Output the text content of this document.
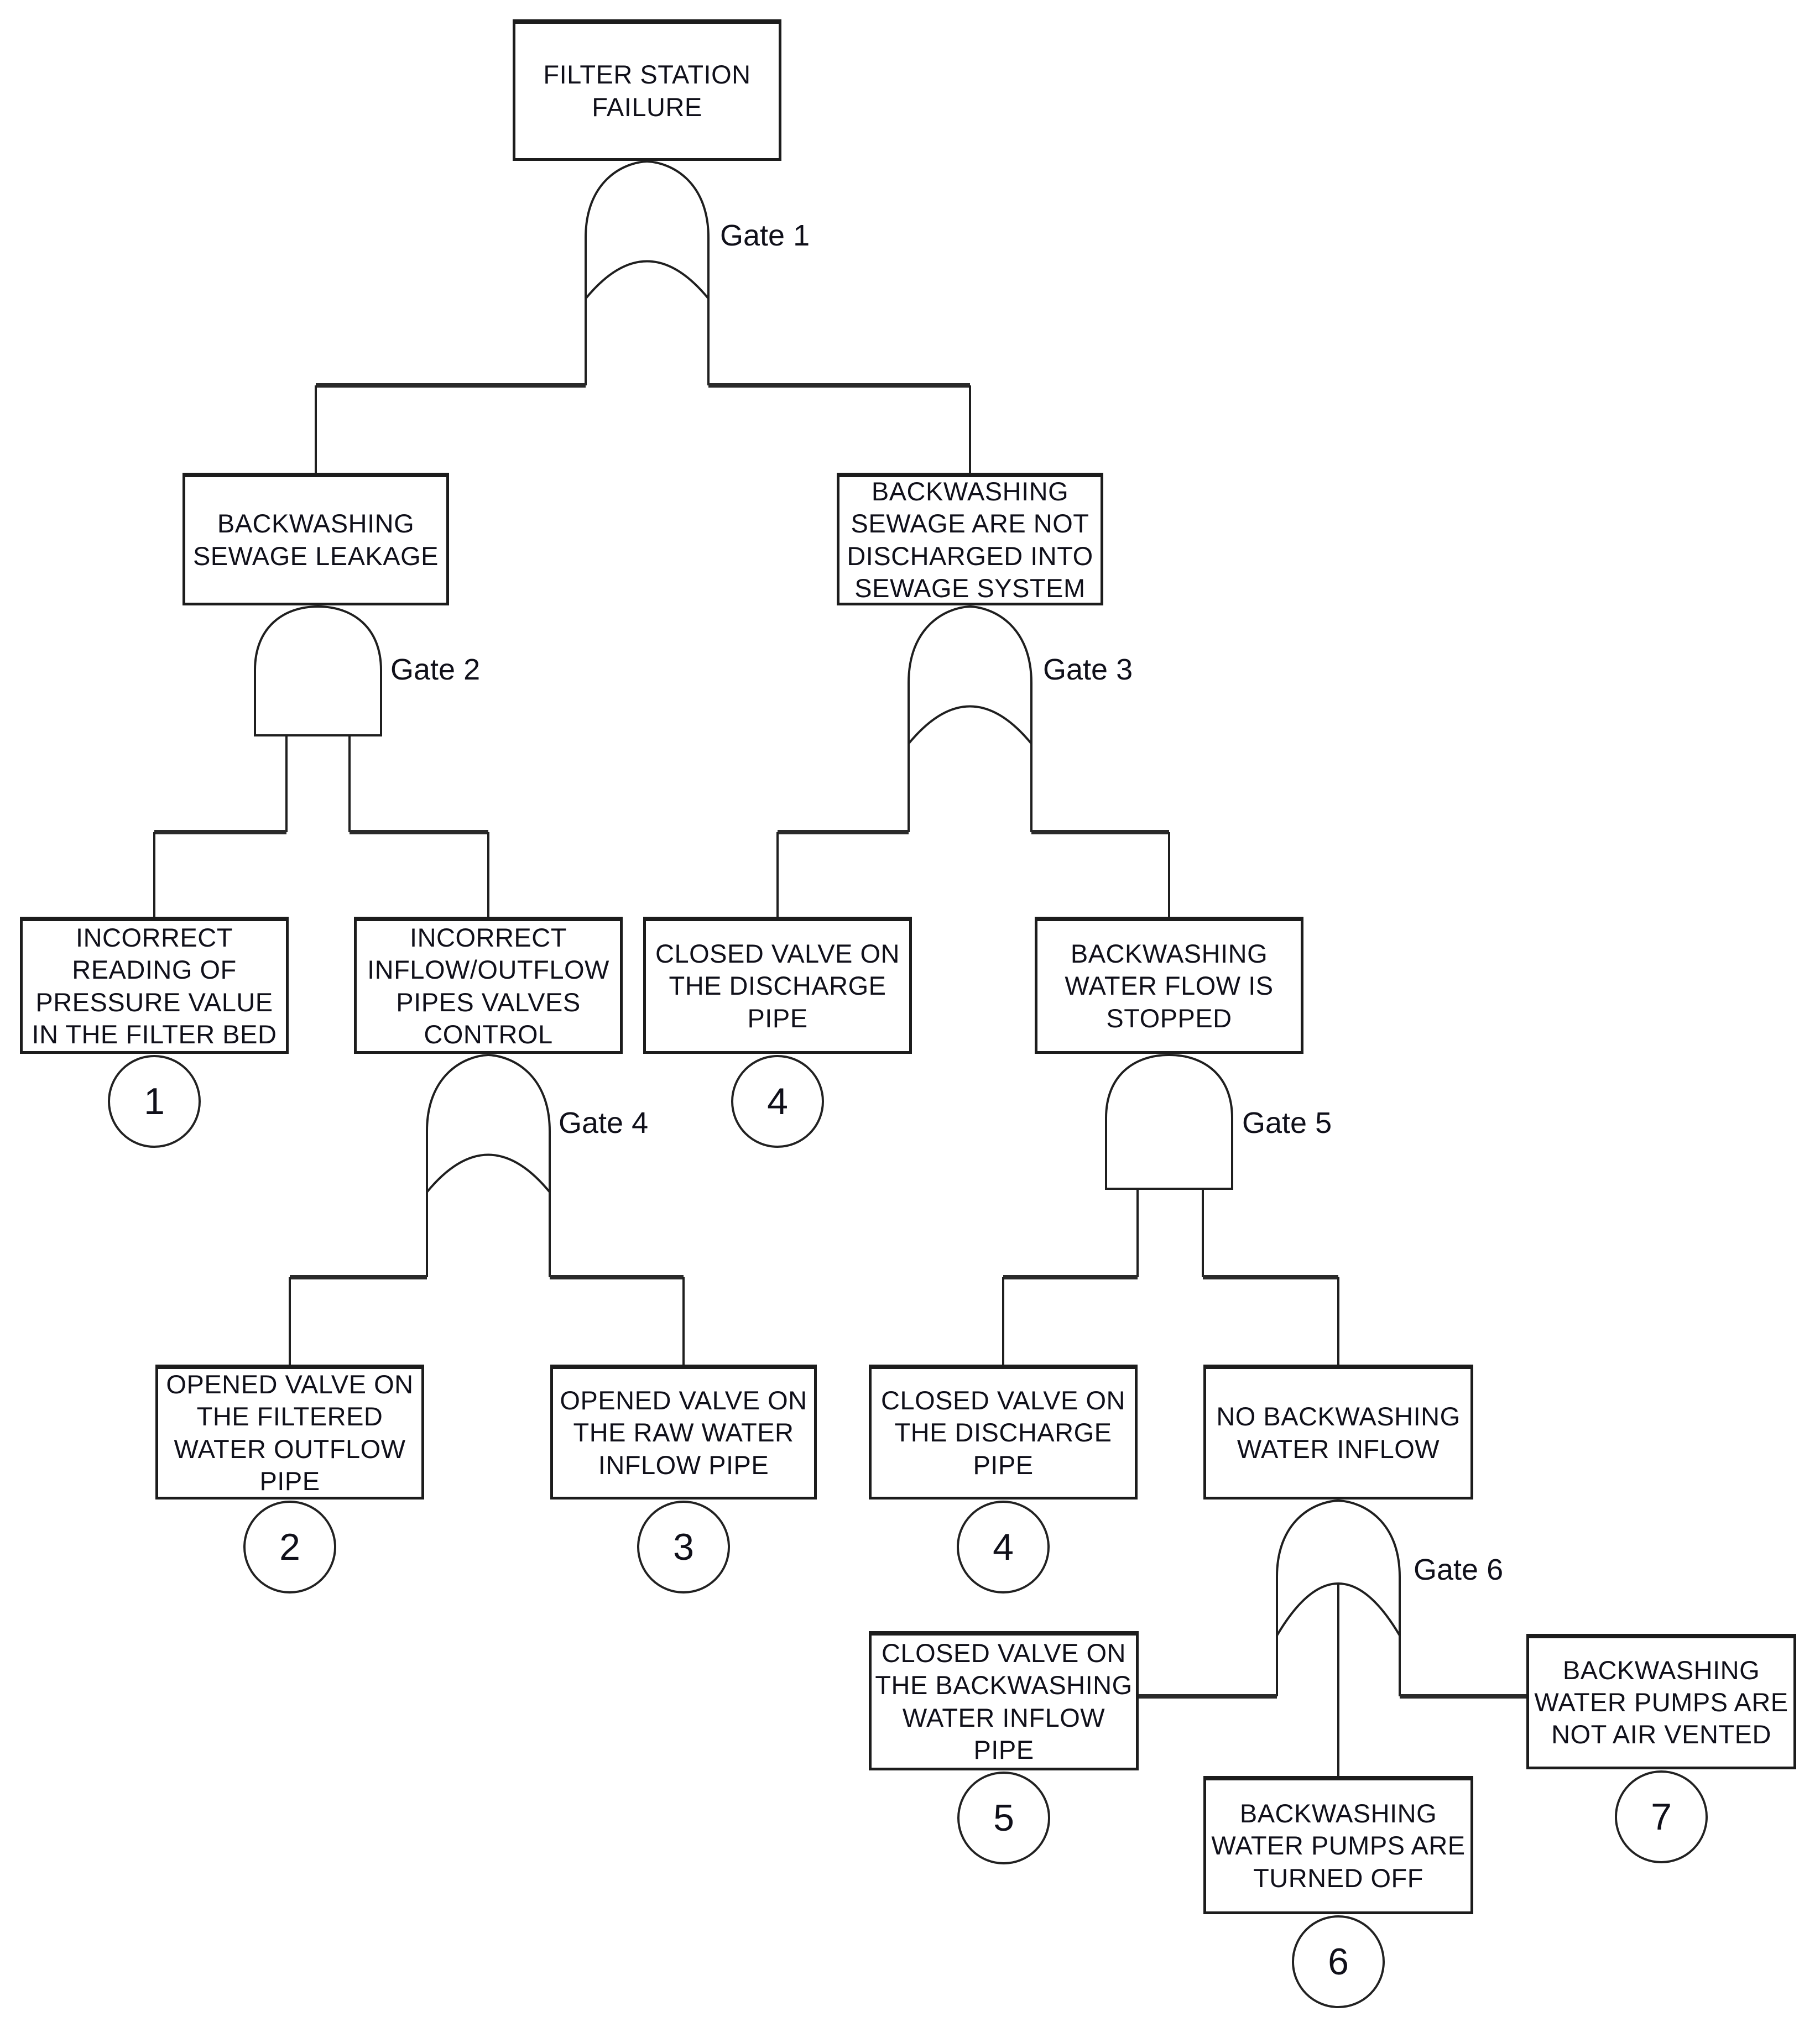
FILTER STATION FAILURE
BACKWASHING SEWAGE LEAKAGE
BACKWASHING SEWAGE ARE NOT DISCHARGED INTO SEWAGE SYSTEM
INCORRECT READING OF PRESSURE VALUE IN THE FILTER BED
INCORRECT INFLOW/OUTFLOW PIPES VALVES CONTROL
CLOSED VALVE ON THE DISCHARGE PIPE
BACKWASHING WATER FLOW IS STOPPED
OPENED VALVE ON THE FILTERED WATER OUTFLOW PIPE
OPENED VALVE ON THE RAW WATER INFLOW PIPE
CLOSED VALVE ON THE DISCHARGE PIPE
NO BACKWASHING WATER INFLOW
CLOSED VALVE ON THE BACKWASHING WATER INFLOW PIPE
BACKWASHING WATER PUMPS ARE TURNED OFF
BACKWASHING WATER PUMPS ARE NOT AIR VENTED
1	4
2	3	4
5
6
7
Gate 1
Gate 2	Gate 3
Gate 4	Gate 5
Gate 6
